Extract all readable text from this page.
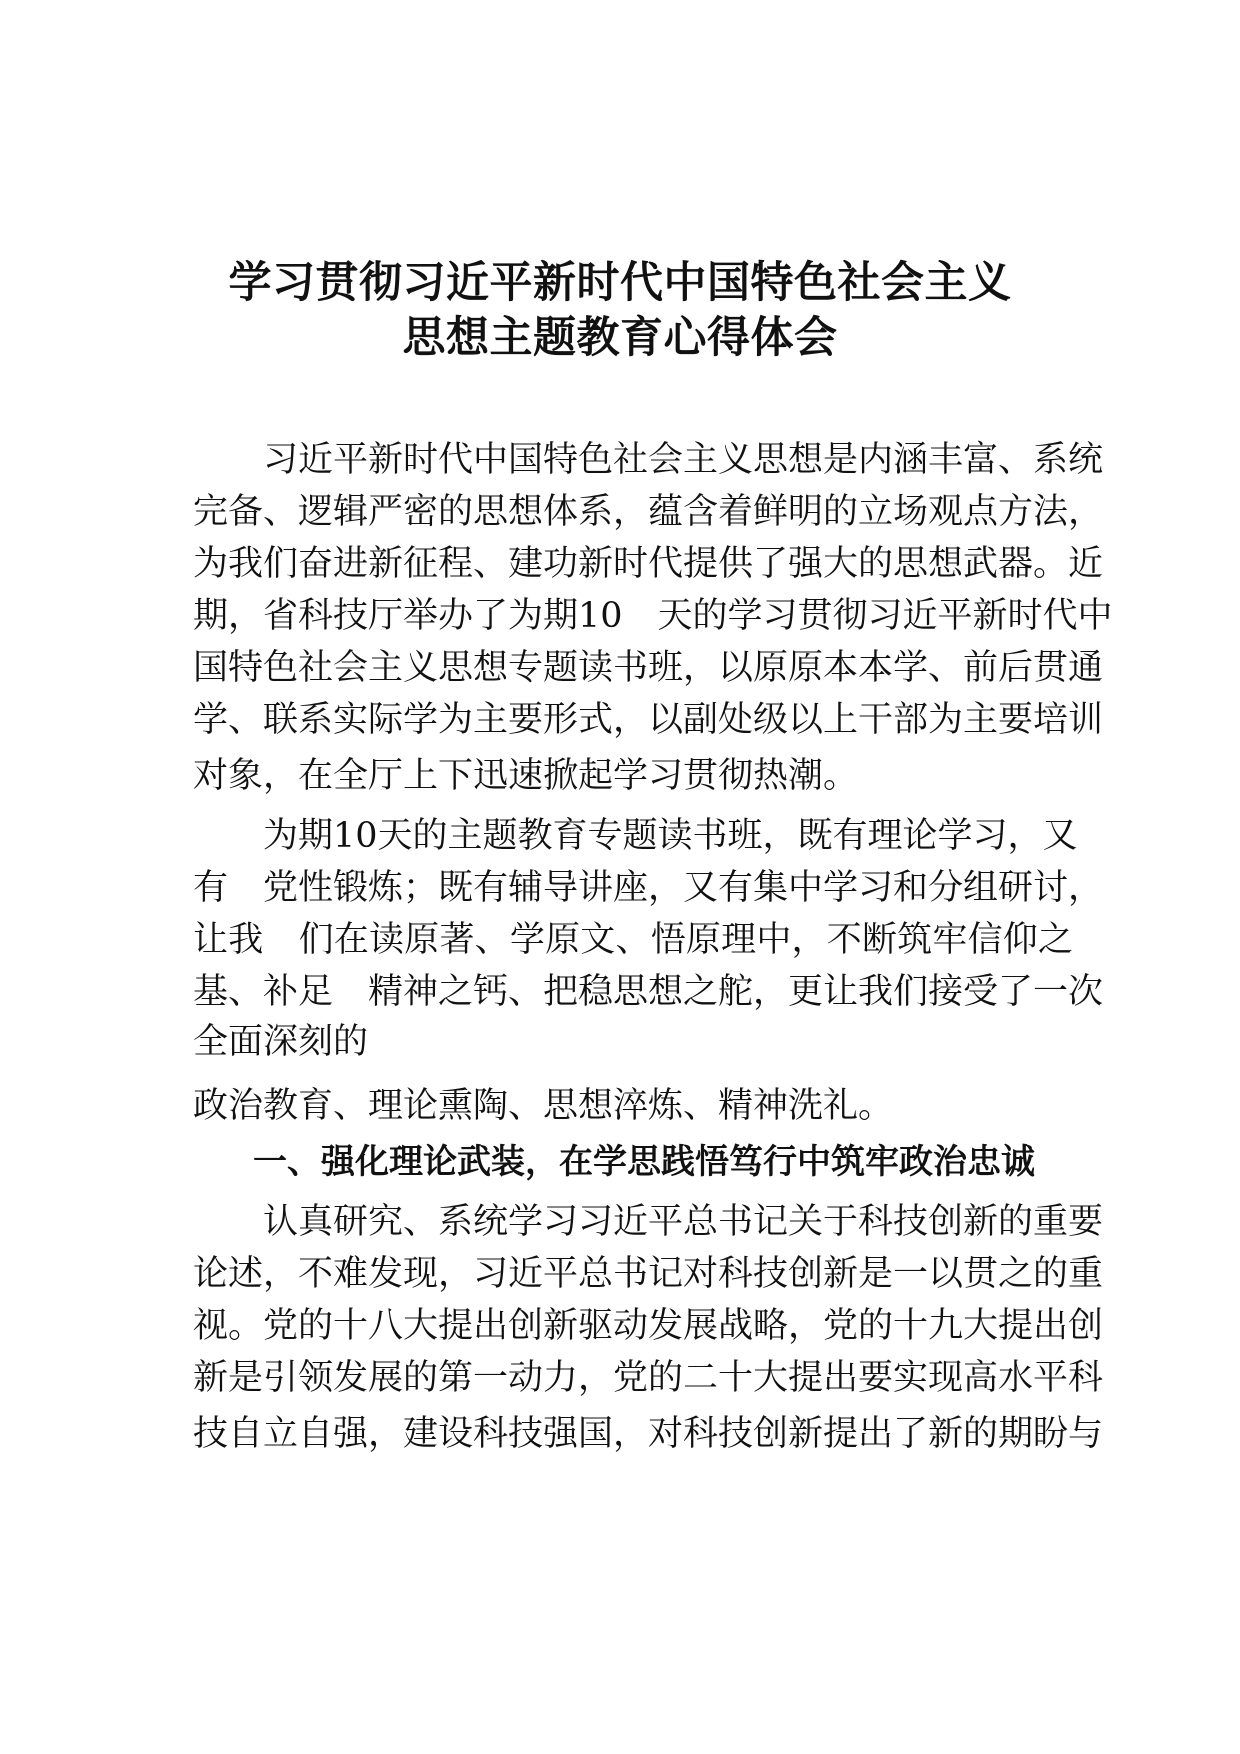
学习贯彻习近平新时代中国特色社会主义
思想主题教育心得体会

　　习近平新时代中国特色社会主义思想是内涵丰富、系统

完备、逻辑严密的思想体系，蕴含着鲜明的立场观点方法，

为我们奋进新征程、建功新时代提供了强大的思想武器。近

期，省科技厅举办了为期10　天的学习贯彻习近平新时代中

国特色社会主义思想专题读书班，以原原本本学、前后贯通

学、联系实际学为主要形式，以副处级以上干部为主要培训

对象，在全厅上下迅速掀起学习贯彻热潮。

　　为期10天的主题教育专题读书班，既有理论学习，又

有　党性锻炼；既有辅导讲座，又有集中学习和分组研讨，

让我　们在读原著、学原文、悟原理中，不断筑牢信仰之

基、补足　精神之钙、把稳思想之舵，更让我们接受了一次

全面深刻的

政治教育、理论熏陶、思想淬炼、精神洗礼。

一、强化理论武装，在学思践悟笃行中筑牢政治忠诚

　　认真研究、系统学习习近平总书记关于科技创新的重要

论述，不难发现，习近平总书记对科技创新是一以贯之的重

视。党的十八大提出创新驱动发展战略，党的十九大提出创

新是引领发展的第一动力，党的二十大提出要实现高水平科

技自立自强，建设科技强国，对科技创新提出了新的期盼与
